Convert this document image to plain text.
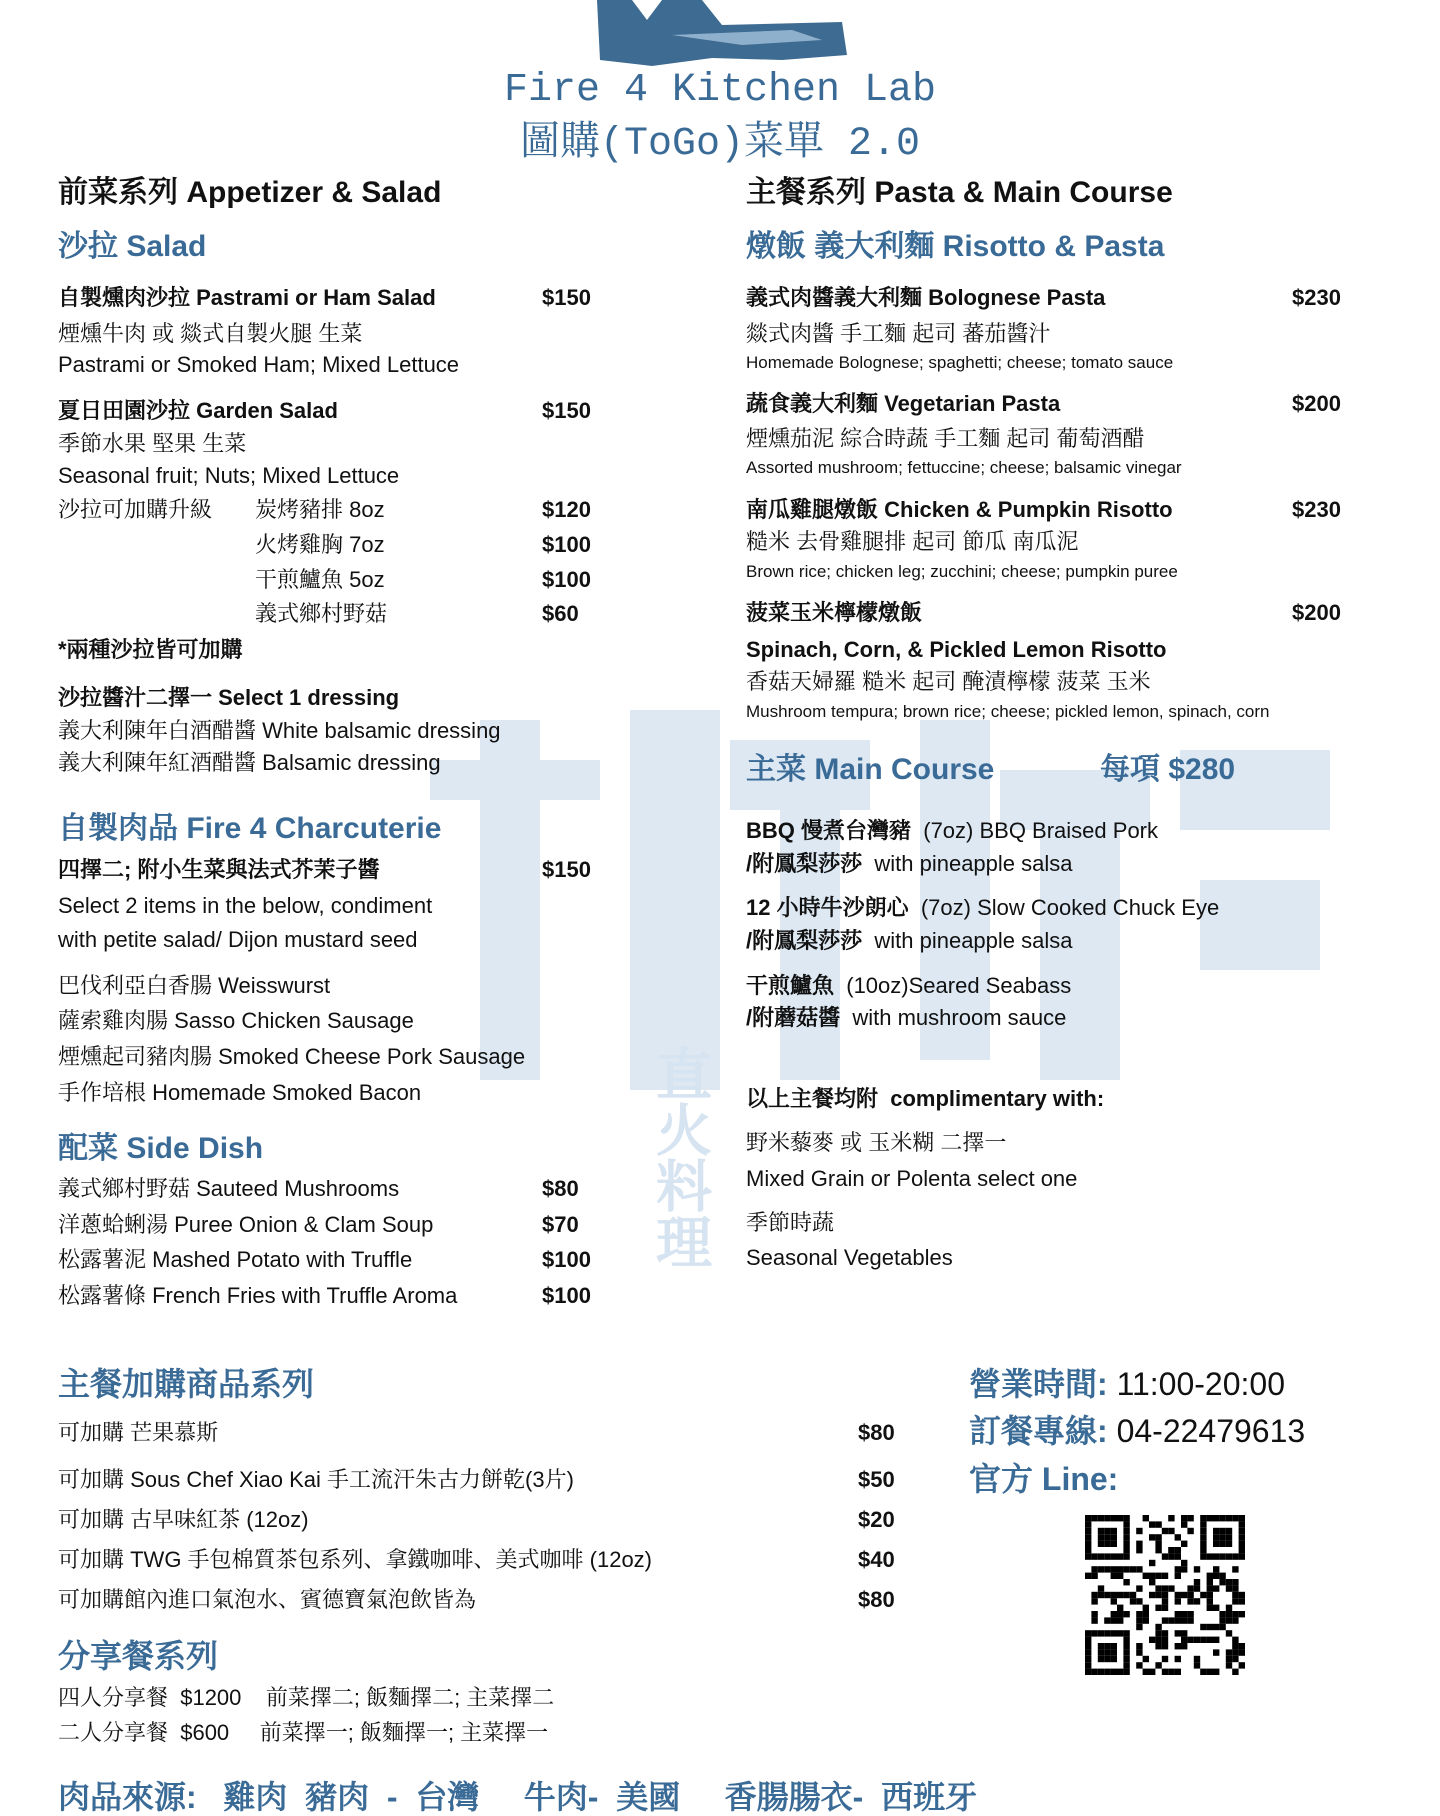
直火料理
Fire 4 Kitchen Lab
圖購(ToGo)菜單 2.0
前菜系列 Appetizer & Salad
沙拉 Salad
自製燻肉沙拉 Pastrami or Ham Salad	$150
煙燻牛肉 或 燚式自製火腿 生菜
Pastrami or Smoked Ham; Mixed Lettuce
夏日田園沙拉 Garden Salad	$150
季節水果 堅果 生菜
Seasonal fruit; Nuts; Mixed Lettuce
沙拉可加購升級 炭烤豬排 8oz	$120
火烤雞胸 7oz	$100
干煎鱸魚 5oz	$100
義式鄉村野菇	$60
*兩種沙拉皆可加購
沙拉醬汁二擇一 Select 1 dressing
義大利陳年白酒醋醬 White balsamic dressing
義大利陳年紅酒醋醬 Balsamic dressing
自製肉品 Fire 4 Charcuterie
四擇二; 附小生菜與法式芥茉子醬	$150
Select 2 items in the below, condiment
with petite salad/ Dijon mustard seed
巴伐利亞白香腸 Weisswurst
薩索雞肉腸 Sasso Chicken Sausage
煙燻起司豬肉腸 Smoked Cheese Pork Sausage
手作培根 Homemade Smoked Bacon
配菜 Side Dish
義式鄉村野菇 Sauteed Mushrooms	$80
洋蔥蛤蜊湯 Puree Onion & Clam Soup	$70
松露薯泥 Mashed Potato with Truffle	$100
松露薯條 French Fries with Truffle Aroma	$100
主餐系列 Pasta & Main Course
燉飯 義大利麵 Risotto & Pasta
義式肉醬義大利麵 Bolognese Pasta	$230
燚式肉醬 手工麵 起司 蕃茄醬汁
Homemade Bolognese; spaghetti; cheese; tomato sauce
蔬食義大利麵 Vegetarian Pasta	$200
煙燻茄泥 綜合時蔬 手工麵 起司 葡萄酒醋
Assorted mushroom; fettuccine; cheese; balsamic vinegar
南瓜雞腿燉飯 Chicken & Pumpkin Risotto	$230
糙米 去骨雞腿排 起司 節瓜 南瓜泥
Brown rice; chicken leg; zucchini; cheese; pumpkin puree
菠菜玉米檸檬燉飯	$200
Spinach, Corn, & Pickled Lemon Risotto
香菇天婦羅 糙米 起司 醃漬檸檬 菠菜 玉米
Mushroom tempura; brown rice; cheese; pickled lemon, spinach, corn
主菜 Main Course	每項 $280
BBQ 慢煮台灣豬 (7oz) BBQ Braised Pork
/附鳳梨莎莎 with pineapple salsa
12 小時牛沙朗心 (7oz) Slow Cooked Chuck Eye
/附鳳梨莎莎 with pineapple salsa
干煎鱸魚 (10oz)Seared Seabass
/附蘑菇醬 with mushroom sauce
以上主餐均附 complimentary with:
野米藜麥 或 玉米糊 二擇一
Mixed Grain or Polenta select one
季節時蔬
Seasonal Vegetables
主餐加購商品系列
可加購 芒果慕斯	$80
可加購 Sous Chef Xiao Kai 手工流汗朱古力餅乾(3片)	$50
可加購 古早味紅茶 (12oz)	$20
可加購 TWG 手包棉質茶包系列、拿鐵咖啡、美式咖啡 (12oz)	$40
可加購館內進口氣泡水、賓德寶氣泡飲皆為	$80
分享餐系列
四人分享餐  $1200    前菜擇二; 飯麵擇二; 主菜擇二
二人分享餐  $600     前菜擇一; 飯麵擇一; 主菜擇一
肉品來源:   雞肉  豬肉  -  台灣     牛肉-  美國     香腸腸衣-  西班牙
營業時間: 11:00-20:00
訂餐專線: 04-22479613
官方 Line:
